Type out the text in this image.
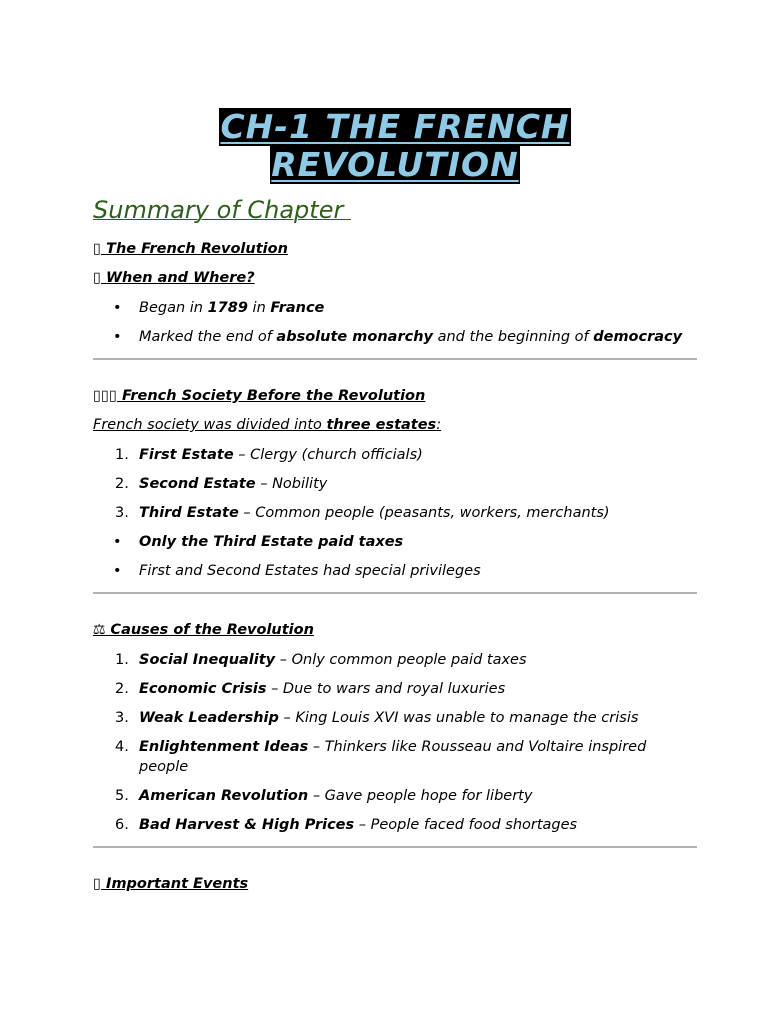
CH-1 THE FRENCH
REVOLUTION
Summary of Chapter
▯ The French Revolution
▯ When and Where?
•	Began in 1789 in France
•	Marked the end of absolute monarchy and the beginning of democracy
▯▯▯ French Society Before the Revolution
French society was divided into three estates:
1. First Estate – Clergy (church officials)
2. Second Estate – Nobility
3. Third Estate – Common people (peasants, workers, merchants)
•	Only the Third Estate paid taxes
•	First and Second Estates had special privileges
⚖ Causes of the Revolution
1. Social Inequality – Only common people paid taxes
2. Economic Crisis – Due to wars and royal luxuries
3. Weak Leadership – King Louis XVI was unable to manage the crisis
4. Enlightenment Ideas – Thinkers like Rousseau and Voltaire inspired people
5. American Revolution – Gave people hope for liberty
6. Bad Harvest & High Prices – People faced food shortages
▯ Important Events
